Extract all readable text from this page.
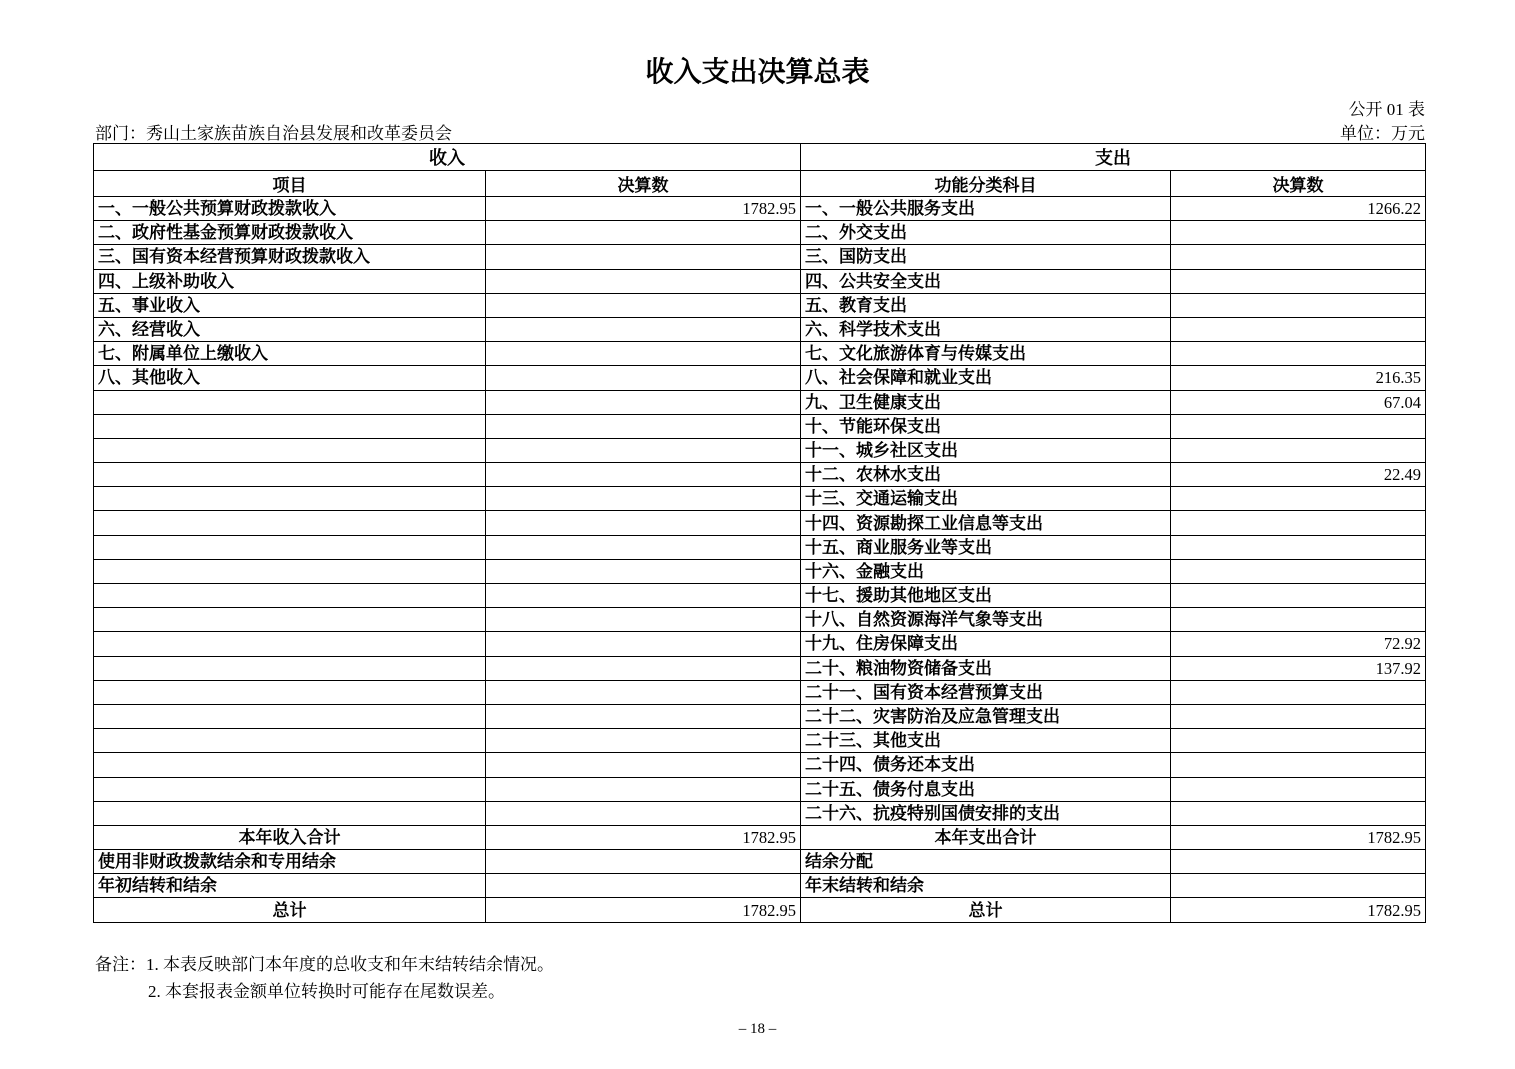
收入支出决算总表
公开 01 表
部门：秀山土家族苗族自治县发展和改革委员会	单位：万元
收入		支出	
项目	决算数	功能分类科目	决算数
一、一般公共预算财政拨款收入	1782.95	一、一般公共服务支出	1266.22
二、政府性基金预算财政拨款收入		二、外交支出	
三、国有资本经营预算财政拨款收入		三、国防支出	
四、上级补助收入		四、公共安全支出	
五、事业收入		五、教育支出	
六、经营收入		六、科学技术支出	
七、附属单位上缴收入		七、文化旅游体育与传媒支出	
八、其他收入		八、社会保障和就业支出	216.35
		九、卫生健康支出	67.04
		十、节能环保支出	
		十一、城乡社区支出	
		十二、农林水支出	22.49
		十三、交通运输支出	
		十四、资源勘探工业信息等支出	
		十五、商业服务业等支出	
		十六、金融支出	
		十七、援助其他地区支出	
		十八、自然资源海洋气象等支出	
		十九、住房保障支出	72.92
		二十、粮油物资储备支出	137.92
		二十一、国有资本经营预算支出	
		二十二、灾害防治及应急管理支出	
		二十三、其他支出	
		二十四、债务还本支出	
		二十五、债务付息支出	
		二十六、抗疫特别国债安排的支出	
本年收入合计	1782.95	本年支出合计	1782.95
使用非财政拨款结余和专用结余		结余分配	
年初结转和结余		年末结转和结余	
总计	1782.95	总计	1782.95
备注：1. 本表反映部门本年度的总收支和年末结转结余情况。
2. 本套报表金额单位转换时可能存在尾数误差。
– 18 –
